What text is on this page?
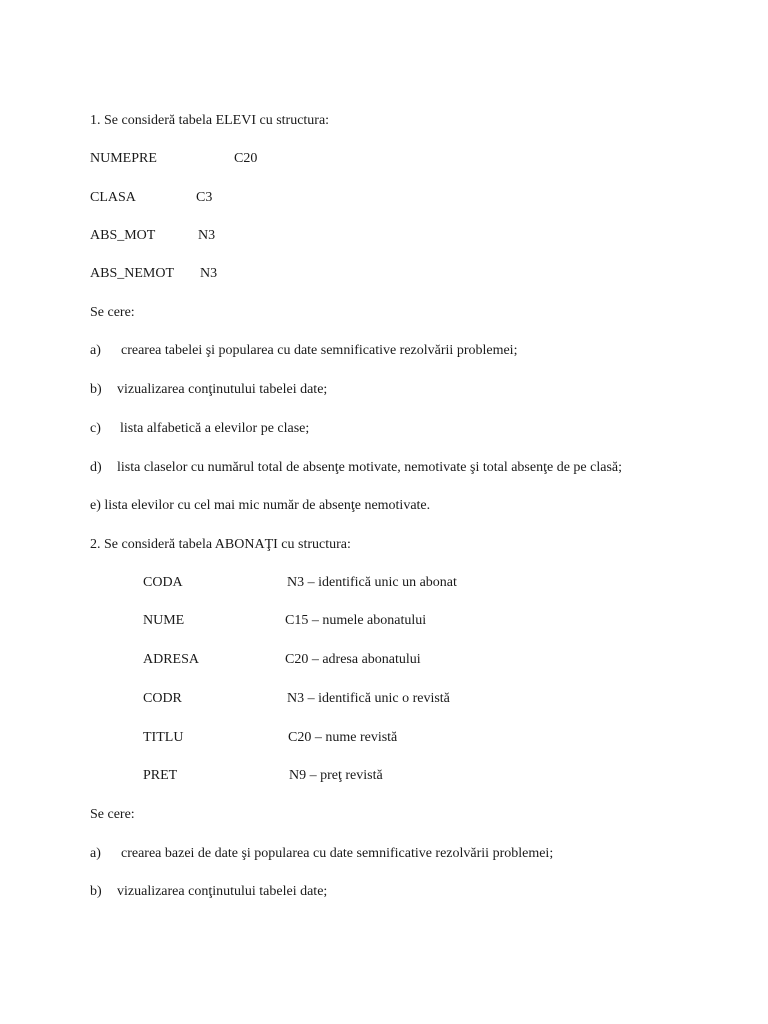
1. Se consideră tabela ELEVI cu structura:
NUMEPRE	C20
CLASA	C3
ABS_MOT	N3
ABS_NEMOT N3
Se cere:
a) crearea tabelei şi popularea cu date semnificative rezolvării problemei;
b) vizualizarea conţinutului tabelei date;
c) lista alfabetică a elevilor pe clase;
d) lista claselor cu numărul total de absenţe motivate, nemotivate şi total absenţe de pe clasă;
e) lista elevilor cu cel mai mic număr de absenţe nemotivate.
2. Se consideră tabela ABONAŢI cu structura:
CODA	N3 – identifică unic un abonat
NUME	C15 – numele abonatului
ADRESA	C20 – adresa abonatului
CODR	N3 – identifică unic o revistă
TITLU	C20 – nume revistă
PRET	N9 – preţ revistă
Se cere:
a) crearea bazei de date şi popularea cu date semnificative rezolvării problemei;
b) vizualizarea conţinutului tabelei date;
